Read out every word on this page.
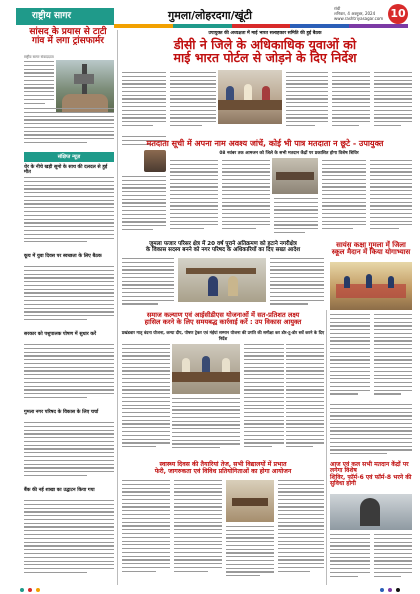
राष्ट्रीय सागर	गुमला/लोहरदगा/खूंटी
रांची
शनिवार, 4 अक्टूबर, 2024
www.rashtriyasagar.com 10
सांसद के प्रयास से टाटी
गांव में लगा ट्रांसफार्मर
राष्ट्रीय सागर संवाददाता
संक्षिप्त न्यूज़
धेर के नीचे खड़ी सूमो के साथ की दलदल से हुई मौत
कूच में युवा दिवस पर स्वच्छता के लिए बैठक
सरकार को पशुपालक पोषण में सुधार करें
गुमला नगर परिषद के विकास के लिए चर्चा
बैंक की नई शाखा का उद्घाटन किया गया
उपायुक्त की अध्यक्षता में माई भारत सलाहकार समिति की हुई बैठक
डीसी ने जिले के अधिकाधिक युवाओं को
माई भारत पोर्टल से जोड़ने के दिए निर्देश
मतदाता सूची में अपना नाम अवश्य जांचें, कोई भी पात्र मतदाता न छूटे - उपायुक्त
08 नवंबर तक आमजन को जिले के सभी मतदान केंद्रों पर प्रकाशित होगा विशेष शिविर
जुमला फजार परिसर क्षेत्र में 20 वर्ष पुराने अतिक्रमण को हटाने नगरीक्षेत्र
के विकास सदस्य बनने को नगर परिषद के अधिकारियों का दिए सख्त आदेश
सायंस कक्षा गुमला में जिला
स्कूल मैदान में किया योगाभ्यास
समाज कल्याण एवं आईसीडीएस योजनाओं में सत-प्रतिशत लक्ष्य
हासिल करने के लिए समयबद्ध कार्रवाई करें : उप विकास आयुक्त
प्रखंडवार मातृ वंदना योजना, कन्या दीप, पोषण ट्रेकर एवं मंईयां सम्मान योजना की प्रगति की समीक्षा कर डोर-टू-डोर सर्वे करने के दिए निर्देश
स्वास्थ्य दिवस की तैयारियां तेज, सभी विद्यालयों में प्रभात
फेरी, जागरुकता एवं विविध प्रतियोगिताओं का होगा आयोजन
आज एवं कल सभी मतदान केंद्रों पर लगेगा विशेष
शिविर, फॉर्म-6 एवं फॉर्म-8 भरने की सुविधा होगी
